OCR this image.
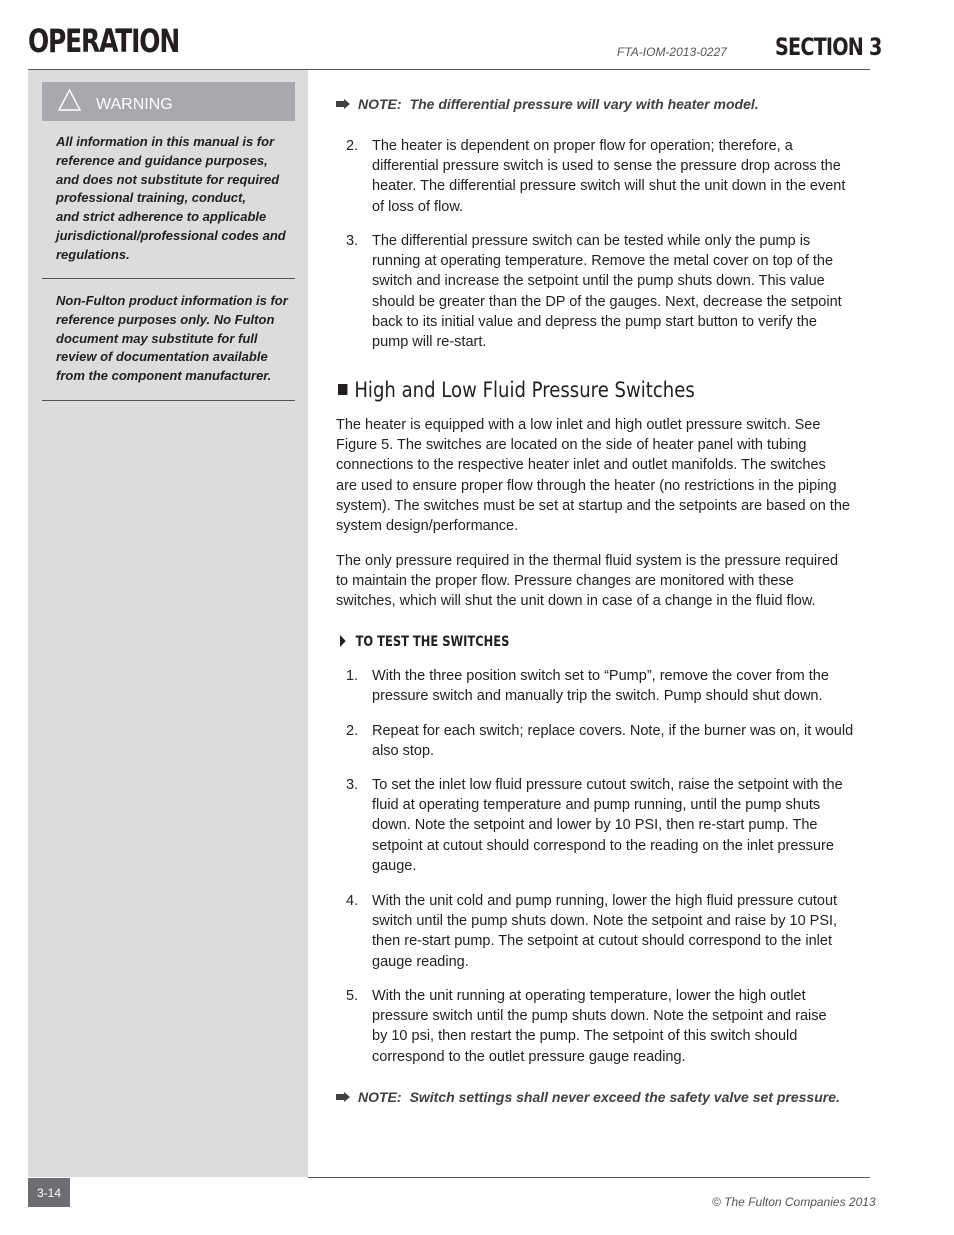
OPERATION	FTA-IOM-2013-0227 SECTION 3
WARNING
All information in this manual is for
reference and guidance purposes,
and does not substitute for required
professional training, conduct,
and strict adherence to applicable
jurisdictional/professional codes and
regulations.
Non-Fulton product information is for
reference purposes only. No Fulton
document may substitute for full
review of documentation available
from the component manufacturer.
NOTE: The differential pressure will vary with heater model.
2. The heater is dependent on proper flow for operation; therefore, a
differential pressure switch is used to sense the pressure drop across the
heater. The differential pressure switch will shut the unit down in the event
of loss of flow.
3. The differential pressure switch can be tested while only the pump is
running at operating temperature. Remove the metal cover on top of the
switch and increase the setpoint until the pump shuts down. This value
should be greater than the DP of the gauges. Next, decrease the setpoint
back to its initial value and depress the pump start button to verify the
pump will re-start.
High and Low Fluid Pressure Switches
The heater is equipped with a low inlet and high outlet pressure switch. See
Figure 5. The switches are located on the side of heater panel with tubing
connections to the respective heater inlet and outlet manifolds. The switches
are used to ensure proper flow through the heater (no restrictions in the piping
system). The switches must be set at startup and the setpoints are based on the
system design/performance.
The only pressure required in the thermal fluid system is the pressure required
to maintain the proper flow. Pressure changes are monitored with these
switches, which will shut the unit down in case of a change in the fluid flow.
TO TEST THE SWITCHES
1. With the three position switch set to “Pump”, remove the cover from the
pressure switch and manually trip the switch. Pump should shut down.
2. Repeat for each switch; replace covers. Note, if the burner was on, it would
also stop.
3. To set the inlet low fluid pressure cutout switch, raise the setpoint with the
fluid at operating temperature and pump running, until the pump shuts
down. Note the setpoint and lower by 10 PSI, then re-start pump. The
setpoint at cutout should correspond to the reading on the inlet pressure
gauge.
4. With the unit cold and pump running, lower the high fluid pressure cutout
switch until the pump shuts down. Note the setpoint and raise by 10 PSI,
then re-start pump. The setpoint at cutout should correspond to the inlet
gauge reading.
5. With the unit running at operating temperature, lower the high outlet
pressure switch until the pump shuts down. Note the setpoint and raise
by 10 psi, then restart the pump. The setpoint of this switch should
correspond to the outlet pressure gauge reading.
NOTE: Switch settings shall never exceed the safety valve set pressure.
3-14
© The Fulton Companies 2013
